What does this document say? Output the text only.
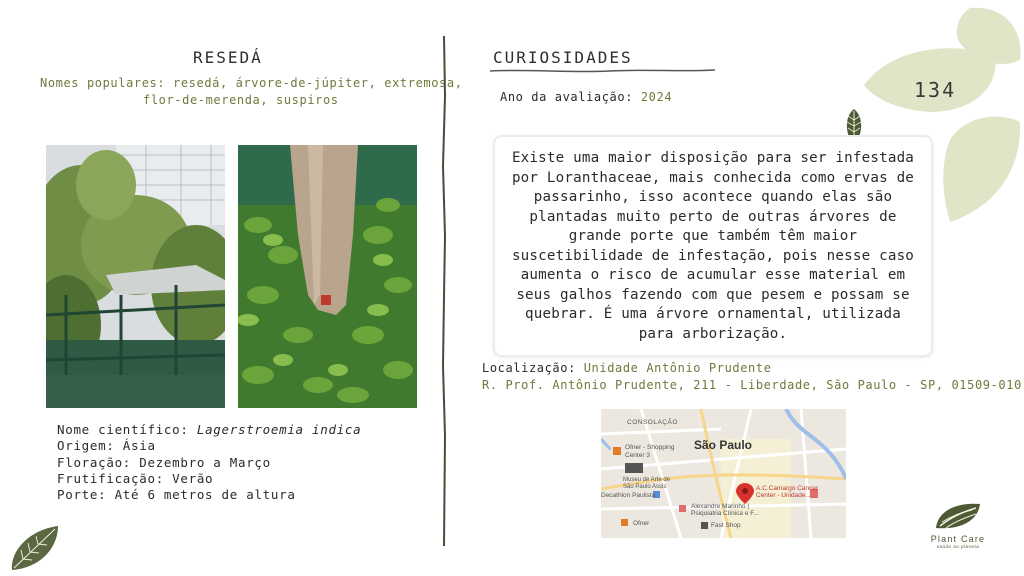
RESEDÁ
Nomes populares: resedá, árvore-de-júpiter, extremosa,
flor-de-merenda, suspiros
Nome científico: Lagerstroemia indica
Origem: Ásia
Floração: Dezembro a Março
Frutificação: Verão
Porte: Até 6 metros de altura
CURIOSIDADES
Ano da avaliação: 2024	134

Existe uma maior disposição para ser infestada por Loranthaceae, mais conhecida como ervas de passarinho, isso acontece quando elas são plantadas muito perto de outras árvores de grande porte que também têm maior suscetibilidade de infestação, pois nesse caso aumenta o risco de acumular esse material em seus galhos fazendo com que pesem e possam se quebrar. É uma árvore ornamental, utilizada para arborização.

Localização: Unidade Antônio Prudente
R. Prof. Antônio Prudente, 211 - Liberdade, São Paulo - SP, 01509-010
CONSOLAÇÃO
São Paulo
Ofner - Shopping
Center 3
Museu de Arte de
São Paulo Assis
Decathlon Paulista
Alexandre Marinho |
Psiquiatria Clínica e F...
A.C.Camargo Cancer
Center - Unidade...
Ofner	Fast Shop
Plant Care
saúde ao planeta
